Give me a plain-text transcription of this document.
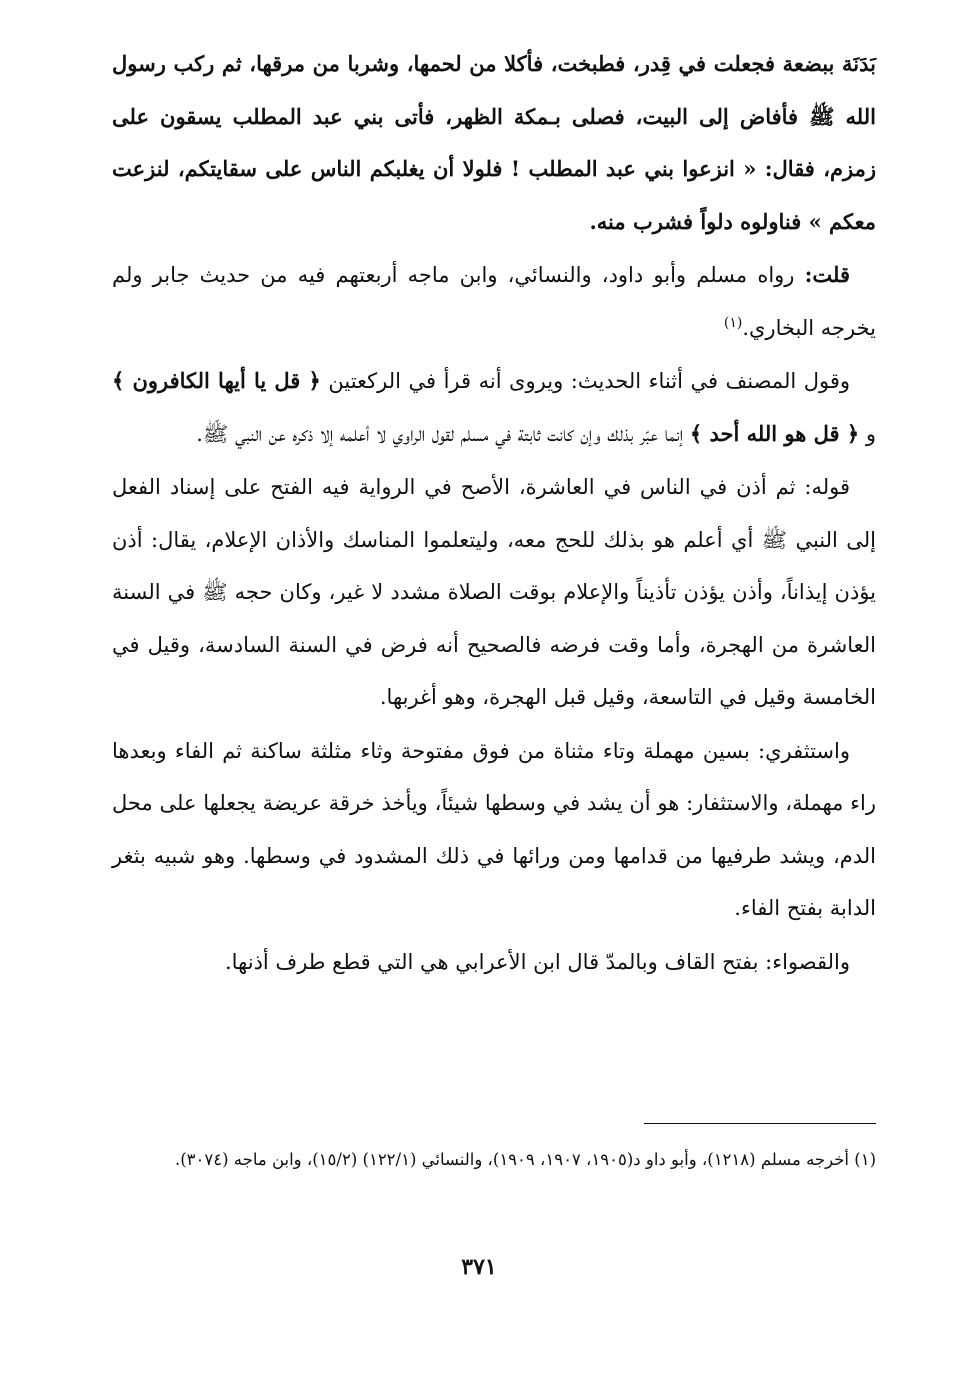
بَدَنَة ببضعة فجعلت في قِدر، فطبخت، فأكلا من لحمها، وشربا من مرقها، ثم ركب رسول الله ﷺ فأفاض إلى البيت، فصلى بـمكة الظهر، فأتى بني عبد المطلب يسقون على زمزم، فقال: « انزعوا بني عبد المطلب ! فلولا أن يغلبكم الناس على سقايتكم، لنزعت معكم » فناولوه دلواً فشرب منه.

قلت: رواه مسلم وأبو داود، والنسائي، وابن ماجه أربعتهم فيه من حديث جابر ولم يخرجه البخاري.$^{(١)}$

وقول المصنف في أثناء الحديث: ويروى أنه قرأ في الركعتين ﴿ قل يا أيها الكافرون ﴾ و ﴿ قل هو الله أحد ﴾ إنما عبّر بذلك وإن كانت ثابتة في مسلم لقول الراوي لا أعلمه إلا ذكره عن النبي ﷺ.

قوله: ثم أذن في الناس في العاشرة، الأصح في الرواية فيه الفتح على إسناد الفعل إلى النبي ﷺ أي أعلم هو بذلك للحج معه، وليتعلموا المناسك والأذان الإعلام، يقال: أذن يؤذن إيذاناً، وأذن يؤذن تأذيناً والإعلام بوقت الصلاة مشدد لا غير، وكان حجه ﷺ في السنة العاشرة من الهجرة، وأما وقت فرضه فالصحيح أنه فرض في السنة السادسة، وقيل في الخامسة وقيل في التاسعة، وقيل قبل الهجرة، وهو أغربها.

واستثفري: بسين مهملة وتاء مثناة من فوق مفتوحة وثاء مثلثة ساكنة ثم الفاء وبعدها راء مهملة، والاستثفار: هو أن يشد في وسطها شيئاً، ويأخذ خرقة عريضة يجعلها على محل الدم، ويشد طرفيها من قدامها ومن ورائها في ذلك المشدود في وسطها. وهو شبيه بثغر الدابة بفتح الفاء.

والقصواء: بفتح القاف وبالمدّ قال ابن الأعرابي هي التي قطع طرف أذنها.

(١) أخرجه مسلم (١٢١٨)، وأبو داو د(١٩٠٥، ١٩٠٧، ١٩٠٩)، والنسائي (١٢٢/١) (١٥/٢)، وابن ماجه (٣٠٧٤).

٣٧١
